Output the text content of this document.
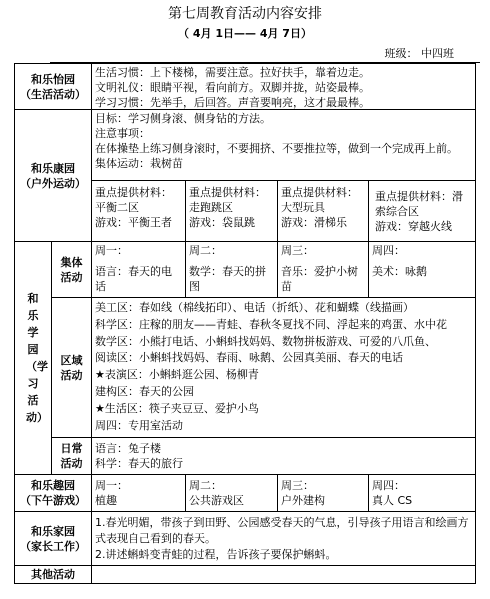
第七周教育活动内容安排
（ 4月 1日—— 4月 7日）
班级： 中四班
和乐怡园
（生活活动）
生活习惯：上下楼梯，需要注意。拉好扶手，靠着边走。
文明礼仪：眼睛平视，看向前方。双脚并拢，站姿最棒。
学习习惯：先举手，后回答。声音要响亮，这才最最棒。
和乐康园
（户外运动）
目标：学习侧身滚、侧身钻的方法。
注意事项：
在体操垫上练习侧身滚时，不要拥挤、不要推拉等，做到一个完成再上前。
集体运动：栽树苗
重点提供材料：平衡二区
游戏：平衡王者
重点提供材料：走跑跳区
游戏：袋鼠跳
重点提供材料：大型玩具
游戏：滑梯乐
重点提供材料：滑索综合区
游戏：穿越火线
和乐学园（学习活动）
集体
活动
周一：
语言：春天的电话
周二：
数学：春天的拼图
周三：
音乐：爱护小树苗
周四：
美术：咏鹅
区域
活动
美工区：春如线（棉线拓印）、电话（折纸）、花和蝴蝶（线描画）
科学区：庄稼的朋友——青蛙、春秋冬夏找不同、浮起来的鸡蛋、水中花
数学区：小熊打电话、小蝌蚪找妈妈、数物拼板游戏、可爱的八爪鱼、
阅读区：小蝌蚪找妈妈、春雨、咏鹅、公园真美丽、春天的电话
★表演区：小蝌蚪逛公园、杨柳青
建构区：春天的公园
★生活区：筷子夹豆豆、爱护小鸟
周四：专用室活动
日常
活动
语言：兔子楼
科学：春天的旅行
和乐趣园
（下午游戏）
周一：
植趣
周二：
公共游戏区
周三：
户外建构
周四：
真人 CS
和乐家园
（家长工作）
1.春光明媚，带孩子到田野、公园感受春天的气息，引导孩子用语言和绘画方式表现自己看到的春天。
2.讲述蝌蚪变青蛙的过程，告诉孩子要保护蝌蚪。
其他活动
